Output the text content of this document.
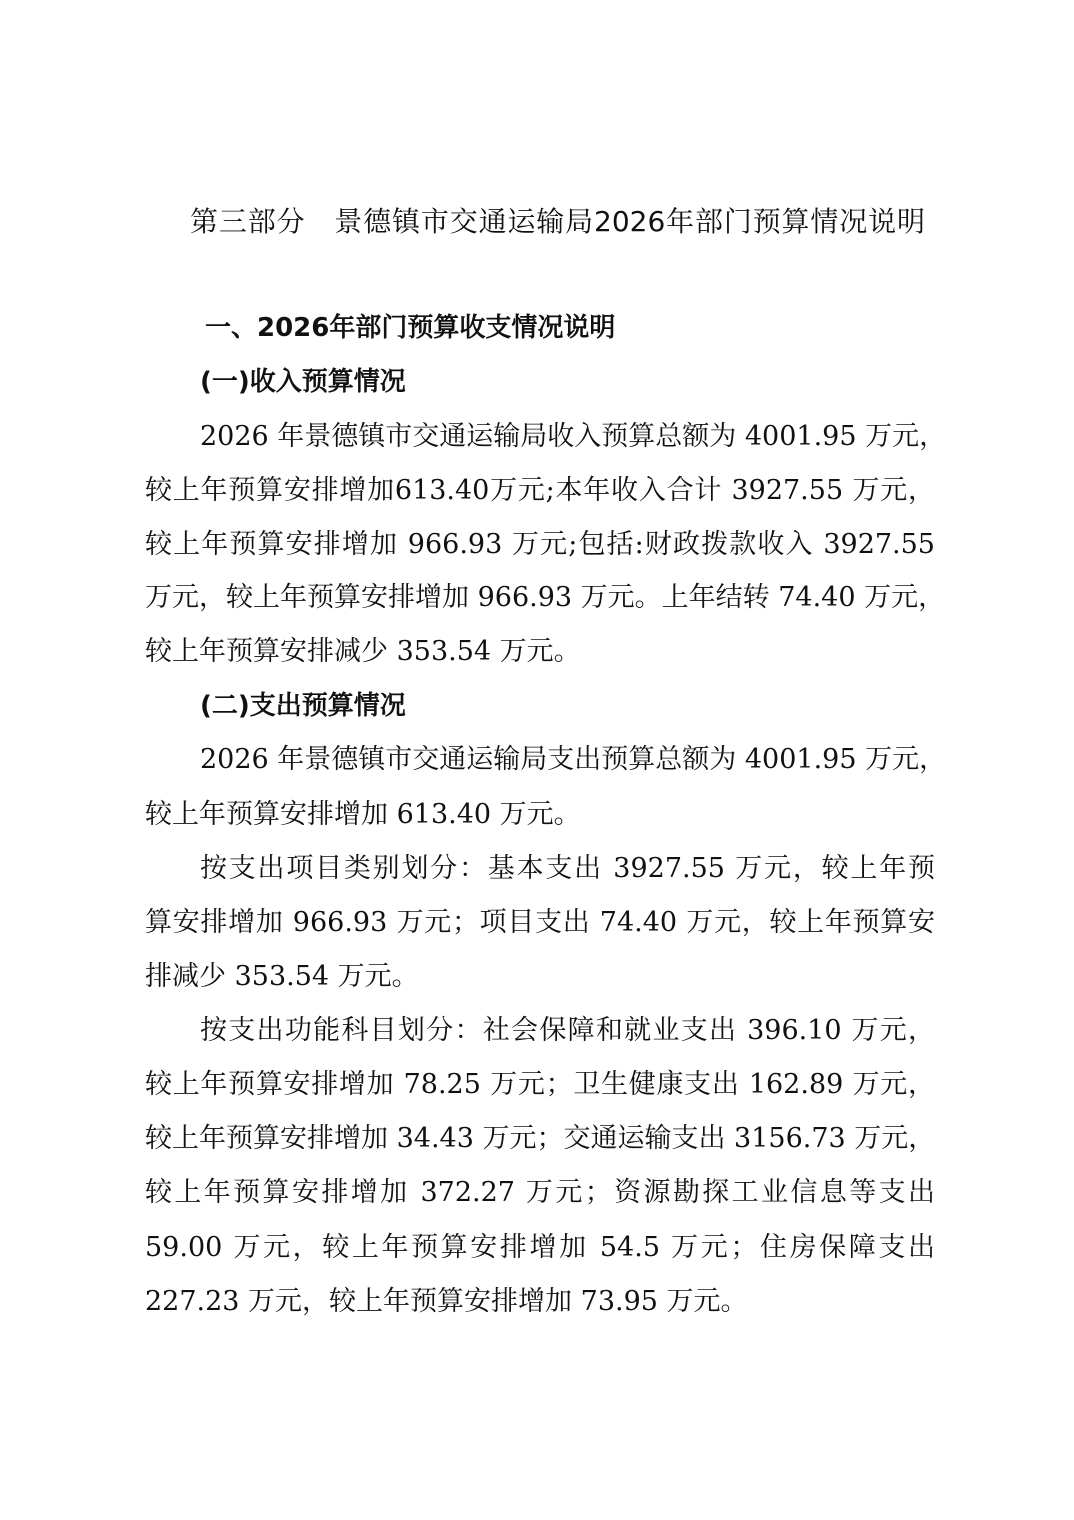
第三部分　景德镇市交通运输局2026年部门预算情况说明
一、2026年部门预算收支情况说明
(一)收入预算情况
2026 年景德镇市交通运输局收入预算总额为 4001.95 万元，
较上年预算安排增加613.40万元;本年收入合计 3927.55 万元，
较上年预算安排增加 966.93 万元;包括:财政拨款收入 3927.55
万元，较上年预算安排增加 966.93 万元。上年结转 74.40 万元，
较上年预算安排减少 353.54 万元。
(二)支出预算情况
2026 年景德镇市交通运输局支出预算总额为 4001.95 万元，
较上年预算安排增加 613.40 万元。
按支出项目类别划分：基本支出 3927.55 万元，较上年预
算安排增加 966.93 万元；项目支出 74.40 万元，较上年预算安
排减少 353.54 万元。
按支出功能科目划分：社会保障和就业支出 396.10 万元，
较上年预算安排增加 78.25 万元；卫生健康支出 162.89 万元，
较上年预算安排增加 34.43 万元；交通运输支出 3156.73 万元，
较上年预算安排增加 372.27 万元；资源勘探工业信息等支出
59.00 万元，较上年预算安排增加 54.5 万元；住房保障支出
227.23 万元，较上年预算安排增加 73.95 万元。
